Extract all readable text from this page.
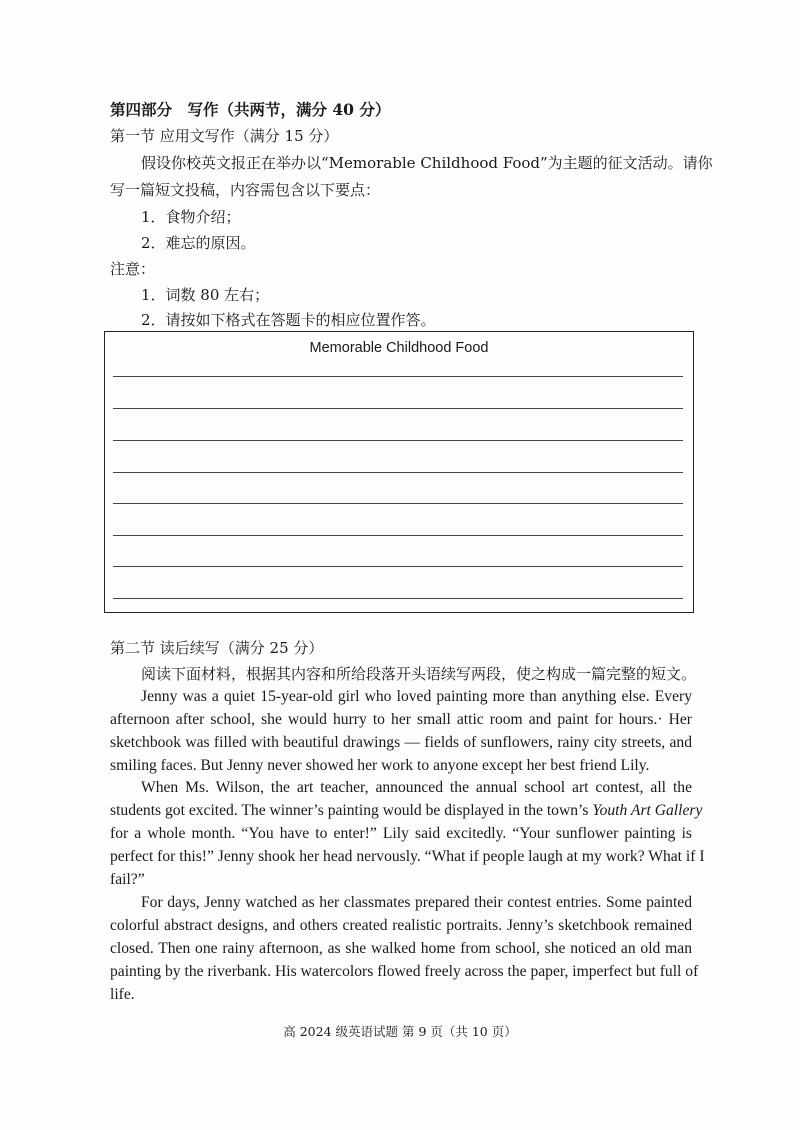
第四部分　写作（共两节，满分 40 分）
第一节 应用文写作（满分 15 分）
假设你校英文报正在举办以“Memorable Childhood Food”为主题的征文活动。请你
写一篇短文投稿，内容需包含以下要点：
1．食物介绍；
2．难忘的原因。
注意：
1．词数 80 左右；
2．请按如下格式在答题卡的相应位置作答。
Memorable Childhood Food
第二节 读后续写（满分 25 分）
阅读下面材料，根据其内容和所给段落开头语续写两段，使之构成一篇完整的短文。
Jenny was a quiet 15-year-old girl who loved painting more than anything else. Every
afternoon after school, she would hurry to her small attic room and paint for hours.· Her
sketchbook was filled with beautiful drawings — fields of sunflowers, rainy city streets, and
smiling faces. But Jenny never showed her work to anyone except her best friend Lily.
When Ms. Wilson, the art teacher, announced the annual school art contest, all the
students got excited. The winner’s painting would be displayed in the town’s Youth Art Gallery
for a whole month. “You have to enter!” Lily said excitedly. “Your sunflower painting is
perfect for this!” Jenny shook her head nervously. “What if people laugh at my work? What if I
fail?”
For days, Jenny watched as her classmates prepared their contest entries. Some painted
colorful abstract designs, and others created realistic portraits. Jenny’s sketchbook remained
closed. Then one rainy afternoon, as she walked home from school, she noticed an old man
painting by the riverbank. His watercolors flowed freely across the paper, imperfect but full of
life.
高 2024 级英语试题 第 9 页（共 10 页）
